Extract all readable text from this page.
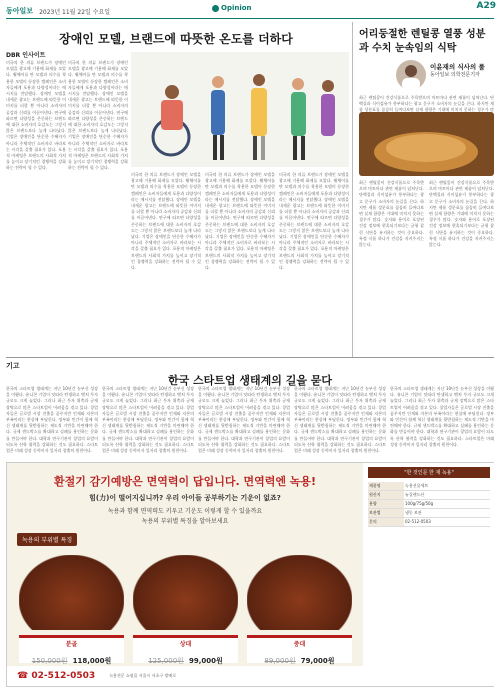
동아일보 2023년 11월 22일 수요일	Opinion	A29
장애인 모델, 브랜드에 따뜻한 온도를 더하다
DBR 인사이트
미국의 한 의류 브랜드가 장애인 모델을 광고에 기용해 화제를 모았다. 휠체어를 탄 모델과 의수를 착용한 모델이 등장한 캠페인은 소비자들에게 포용과 다양성이라는 메시지를 전달했다. 장애인 모델을 내세운 광고는 브랜드에 따뜻한 이미지를 더할 뿐 아니라 소비자의 공감과 신뢰를 이끌어낸다. 연구에 따르면 다양성을 존중하는 브랜드에 대한 소비자의 호감도는 그렇지 않은 브랜드보다 높게 나타났다. 기업은 장애인을 단순한 수혜자가 아니라 주체적인 소비자로 바라보는 시각을 갖출 필요가 있다. 포용적 마케팅은 브랜드의 사회적 가치를 높이고 장기적인 경쟁력을 강화하는 전략이 될 수 있다.
미국의 한 의류 브랜드가 장애인 모델을 광고에 기용해 화제를 모았다. 휠체어를 탄 모델과 의수를 착용한 모델이 등장한 캠페인은 소비자들에게 포용과 다양성이라는 메시지를 전달했다. 장애인 모델을 내세운 광고는 브랜드에 따뜻한 이미지를 더할 뿐 아니라 소비자의 공감과 신뢰를 이끌어낸다. 연구에 따르면 다양성을 존중하는 브랜드에 대한 소비자의 호감도는 그렇지 않은 브랜드보다 높게 나타났다. 기업은 장애인을 단순한 수혜자가 아니라 주체적인 소비자로 바라보는 시각을 갖출 필요가 있다. 포용적 마케팅은 브랜드의 사회적 가치를 높이고 장기적인 경쟁력을 강화하는 전략이 될 수 있다.
미국의 한 의류 브랜드가 장애인 모델을 광고에 기용해 화제를 모았다. 휠체어를 탄 모델과 의수를 착용한 모델이 등장한 캠페인은 소비자들에게 포용과 다양성이라는 메시지를 전달했다. 장애인 모델을 내세운 광고는 브랜드에 따뜻한 이미지를 더할 뿐 아니라 소비자의 공감과 신뢰를 이끌어낸다. 연구에 따르면 다양성을 존중하는 브랜드에 대한 소비자의 호감도는 그렇지 않은 브랜드보다 높게 나타났다. 기업은 장애인을 단순한 수혜자가 아니라 주체적인 소비자로 바라보는 시각을 갖출 필요가 있다. 포용적 마케팅은 브랜드의 사회적 가치를 높이고 장기적인 경쟁력을 강화하는 전략이 될 수 있다.
미국의 한 의류 브랜드가 장애인 모델을 광고에 기용해 화제를 모았다. 휠체어를 탄 모델과 의수를 착용한 모델이 등장한 캠페인은 소비자들에게 포용과 다양성이라는 메시지를 전달했다. 장애인 모델을 내세운 광고는 브랜드에 따뜻한 이미지를 더할 뿐 아니라 소비자의 공감과 신뢰를 이끌어낸다. 연구에 따르면 다양성을 존중하는 브랜드에 대한 소비자의 호감도는 그렇지 않은 브랜드보다 높게 나타났다. 기업은 장애인을 단순한 수혜자가 아니라 주체적인 소비자로 바라보는 시각을 갖출 필요가 있다. 포용적 마케팅은 브랜드의 사회적 가치를 높이고 장기적인 경쟁력을 강화하는 전략이 될 수 있다.
미국의 한 의류 브랜드가 장애인 모델을 광고에 기용해 화제를 모았다. 휠체어를 탄 모델과 의수를 착용한 모델이 등장한 캠페인은 소비자들에게 포용과 다양성이라는 메시지를 전달했다. 장애인 모델을 내세운 광고는 브랜드에 따뜻한 이미지를 더할 뿐 아니라 소비자의 공감과 신뢰를 이끌어낸다. 연구에 따르면 다양성을 존중하는 브랜드에 대한 소비자의 호감도는 그렇지 않은 브랜드보다 높게 나타났다. 기업은 장애인을 단순한 수혜자가 아니라 주체적인 소비자로 바라보는 시각을 갖출 필요가 있다. 포용적 마케팅은 브랜드의 사회적 가치를 높이고 장기적인 경쟁력을 강화하는 전략이 될 수 있다.
어리둥절한 렌틸콩 열풍 성분과 수치 눈속임의 식탁
이윤재의 식사의 룰
동아일보 의학전문기자
최근 렌틸콩이 건강식품으로 주목받으며 마트마다 관련 제품이 넘쳐난다. 단백질과 식이섬유가 풍부하다는 광고 문구가 소비자의 눈길을 끈다. 하지만 제품 성분표를 꼼꼼히 들여다보면 실제 함량은 기대에 미치지 못하는 경우가 많
최근 렌틸콩이 건강식품으로 주목받으며 마트마다 관련 제품이 넘쳐난다. 단백질과 식이섬유가 풍부하다는 광고 문구가 소비자의 눈길을 끈다. 하지만 제품 성분표를 꼼꼼히 들여다보면 실제 함량은 기대에 미치지 못하는 경우가 많다. 숫자와 용어로 포장된 건강 정보에 현혹되기보다는 균형 잡힌 식단을 유지하는 것이 중요하다. 특정 식품 하나가 건강을 지켜주지는 않는다.
최근 렌틸콩이 건강식품으로 주목받으며 마트마다 관련 제품이 넘쳐난다. 단백질과 식이섬유가 풍부하다는 광고 문구가 소비자의 눈길을 끈다. 하지만 제품 성분표를 꼼꼼히 들여다보면 실제 함량은 기대에 미치지 못하는 경우가 많다. 숫자와 용어로 포장된 건강 정보에 현혹되기보다는 균형 잡힌 식단을 유지하는 것이 중요하다. 특정 식품 하나가 건강을 지켜주지는 않는다.
기고
한국 스타트업 생태계의 길을 묻다
한국의 스타트업 생태계는 지난 10년간 눈부신 성장을 이뤘다. 유니콘 기업이 잇따라 탄생하고 벤처 투자 규모도 크게 늘었다. 그러나 최근 투자 위축과 규제 장벽으로 많은 스타트업이 어려움을 겪고 있다. 창업자들은 글로벌 시장 진출을 꿈꾸지만 인재와 자본의 부족이라는 현실에 부딪힌다. 정부와 민간이 함께 혁신 생태계를 뒷받침하는 제도적 기반을 마련해야 한다. 규제 샌드박스를 확대하고 실패를 용인하는 문화를 만들어야 한다. 대학과 연구기관이 창업의 요람이 되도록 산학 협력을 강화하는 것도 필요하다. 스타트업은 미래 성장 동력이자 일자리 창출의 원천이다.
한국의 스타트업 생태계는 지난 10년간 눈부신 성장을 이뤘다. 유니콘 기업이 잇따라 탄생하고 벤처 투자 규모도 크게 늘었다. 그러나 최근 투자 위축과 규제 장벽으로 많은 스타트업이 어려움을 겪고 있다. 창업자들은 글로벌 시장 진출을 꿈꾸지만 인재와 자본의 부족이라는 현실에 부딪힌다. 정부와 민간이 함께 혁신 생태계를 뒷받침하는 제도적 기반을 마련해야 한다. 규제 샌드박스를 확대하고 실패를 용인하는 문화를 만들어야 한다. 대학과 연구기관이 창업의 요람이 되도록 산학 협력을 강화하는 것도 필요하다. 스타트업은 미래 성장 동력이자 일자리 창출의 원천이다.
한국의 스타트업 생태계는 지난 10년간 눈부신 성장을 이뤘다. 유니콘 기업이 잇따라 탄생하고 벤처 투자 규모도 크게 늘었다. 그러나 최근 투자 위축과 규제 장벽으로 많은 스타트업이 어려움을 겪고 있다. 창업자들은 글로벌 시장 진출을 꿈꾸지만 인재와 자본의 부족이라는 현실에 부딪힌다. 정부와 민간이 함께 혁신 생태계를 뒷받침하는 제도적 기반을 마련해야 한다. 규제 샌드박스를 확대하고 실패를 용인하는 문화를 만들어야 한다. 대학과 연구기관이 창업의 요람이 되도록 산학 협력을 강화하는 것도 필요하다. 스타트업은 미래 성장 동력이자 일자리 창출의 원천이다.
한국의 스타트업 생태계는 지난 10년간 눈부신 성장을 이뤘다. 유니콘 기업이 잇따라 탄생하고 벤처 투자 규모도 크게 늘었다. 그러나 최근 투자 위축과 규제 장벽으로 많은 스타트업이 어려움을 겪고 있다. 창업자들은 글로벌 시장 진출을 꿈꾸지만 인재와 자본의 부족이라는 현실에 부딪힌다. 정부와 민간이 함께 혁신 생태계를 뒷받침하는 제도적 기반을 마련해야 한다. 규제 샌드박스를 확대하고 실패를 용인하는 문화를 만들어야 한다. 대학과 연구기관이 창업의 요람이 되도록 산학 협력을 강화하는 것도 필요하다. 스타트업은 미래 성장 동력이자 일자리 창출의 원천이다.
한국의 스타트업 생태계는 지난 10년간 눈부신 성장을 이뤘다. 유니콘 기업이 잇따라 탄생하고 벤처 투자 규모도 크게 늘었다. 그러나 최근 투자 위축과 규제 장벽으로 많은 스타트업이 어려움을 겪고 있다. 창업자들은 글로벌 시장 진출을 꿈꾸지만 인재와 자본의 부족이라는 현실에 부딪힌다. 정부와 민간이 함께 혁신 생태계를 뒷받침하는 제도적 기반을 마련해야 한다. 규제 샌드박스를 확대하고 실패를 용인하는 문화를 만들어야 한다. 대학과 연구기관이 창업의 요람이 되도록 산학 협력을 강화하는 것도 필요하다. 스타트업은 미래 성장 동력이자 일자리 창출의 원천이다.
환절기 감기예방은 면역력이 답입니다. 면역력엔 녹용!
힘(力)이 떨어지십니까? 우리 아이들 공부하기는 기운이 없죠?
녹용과 함께 면역력도 키우고 기운도 이렇게 할 수 있을까요
녹용의 부위별 특징을 알아보세요
녹용의 부위별 특징
분골
150,000원 118,000원
상대
125,000원 99,000원
중대
89,000원 79,000원
☎ 02-512-0503	녹용전문 쇼핑몰 서울시 서초구 방배로
"한 것인문 한 재 녹용"
제품명	녹용선물세트
원산지	뉴질랜드산
용량	100g/75g/50g
보관법	냉동 보관
문의	02-512-0503
